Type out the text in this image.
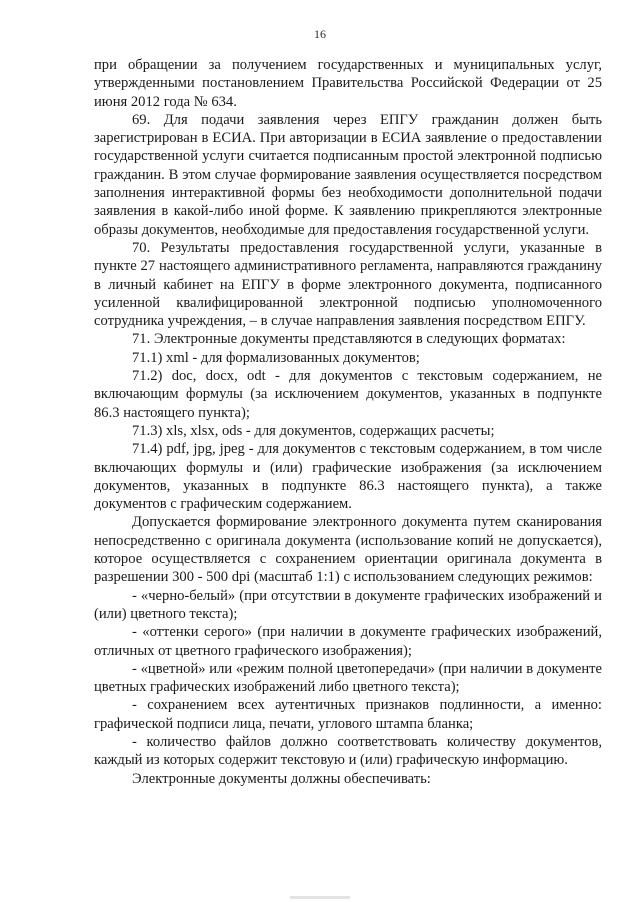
16

при обращении за получением государственных и муниципальных услуг, утвержденными постановлением Правительства Российской Федерации от 25 июня 2012 года № 634.

69. Для подачи заявления через ЕПГУ гражданин должен быть зарегистрирован в ЕСИА. При авторизации в ЕСИА заявление о предоставлении государственной услуги считается подписанным простой электронной подписью гражданин. В этом случае формирование заявления осуществляется посредством заполнения интерактивной формы без необходимости дополнительной подачи заявления в какой-либо иной форме. К заявлению прикрепляются электронные образы документов, необходимые для предоставления государственной услуги.

70. Результаты предоставления государственной услуги, указанные в пункте 27 настоящего административного регламента, направляются гражданину в личный кабинет на ЕПГУ в форме электронного документа, подписанного усиленной квалифицированной электронной подписью уполномоченного сотрудника учреждения, – в случае направления заявления посредством ЕПГУ.

71. Электронные документы представляются в следующих форматах:

71.1) xml - для формализованных документов;

71.2) doc, docx, odt - для документов с текстовым содержанием, не включающим формулы (за исключением документов, указанных в подпункте 86.3 настоящего пункта);

71.3) xls, xlsx, ods - для документов, содержащих расчеты;

71.4) pdf, jpg, jpeg - для документов с текстовым содержанием, в том числе включающих формулы и (или) графические изображения (за исключением документов, указанных в подпункте 86.3 настоящего пункта), а также документов с графическим содержанием.

Допускается формирование электронного документа путем сканирования непосредственно с оригинала документа (использование копий не допускается), которое осуществляется с сохранением ориентации оригинала документа в разрешении 300 - 500 dpi (масштаб 1:1) с использованием следующих режимов:

- «черно-белый» (при отсутствии в документе графических изображений и (или) цветного текста);

- «оттенки серого» (при наличии в документе графических изображений, отличных от цветного графического изображения);

- «цветной» или «режим полной цветопередачи» (при наличии в документе цветных графических изображений либо цветного текста);

- сохранением всех аутентичных признаков подлинности, а именно: графической подписи лица, печати, углового штампа бланка;

- количество файлов должно соответствовать количеству документов, каждый из которых содержит текстовую и (или) графическую информацию.

Электронные документы должны обеспечивать:
